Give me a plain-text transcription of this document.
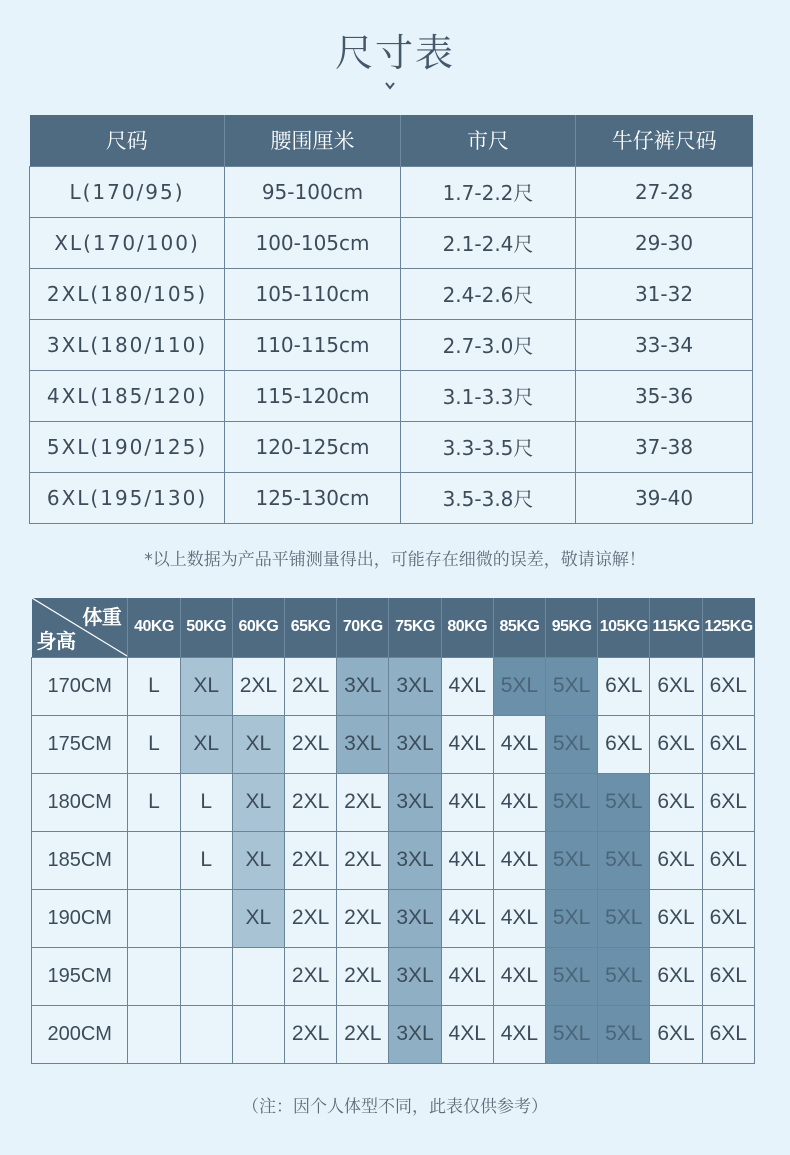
尺寸表
尺码	腰围厘米	市尺	牛仔裤尺码
L(170/95)	95-100cm	1.7-2.2尺	27-28
XL(170/100)	100-105cm	2.1-2.4尺	29-30
2XL(180/105)	105-110cm	2.4-2.6尺	31-32
3XL(180/110)	110-115cm	2.7-3.0尺	33-34
4XL(185/120)	115-120cm	3.1-3.3尺	35-36
5XL(190/125)	120-125cm	3.3-3.5尺	37-38
6XL(195/130)	125-130cm	3.5-3.8尺	39-40
*以上数据为产品平铺测量得出，可能存在细微的误差，敬请谅解！
体重
身高	40KG	50KG	60KG	65KG	70KG	75KG	80KG	85KG	95KG	105KG	115KG	125KG
170CM	L	XL	2XL	2XL	3XL	3XL	4XL	5XL	5XL	6XL	6XL	6XL
175CM	L	XL	XL	2XL	3XL	3XL	4XL	4XL	5XL	6XL	6XL	6XL
180CM	L	L	XL	2XL	2XL	3XL	4XL	4XL	5XL	5XL	6XL	6XL
185CM		L	XL	2XL	2XL	3XL	4XL	4XL	5XL	5XL	6XL	6XL
190CM			XL	2XL	2XL	3XL	4XL	4XL	5XL	5XL	6XL	6XL
195CM				2XL	2XL	3XL	4XL	4XL	5XL	5XL	6XL	6XL
200CM				2XL	2XL	3XL	4XL	4XL	5XL	5XL	6XL	6XL
（注：因个人体型不同，此表仅供参考）
